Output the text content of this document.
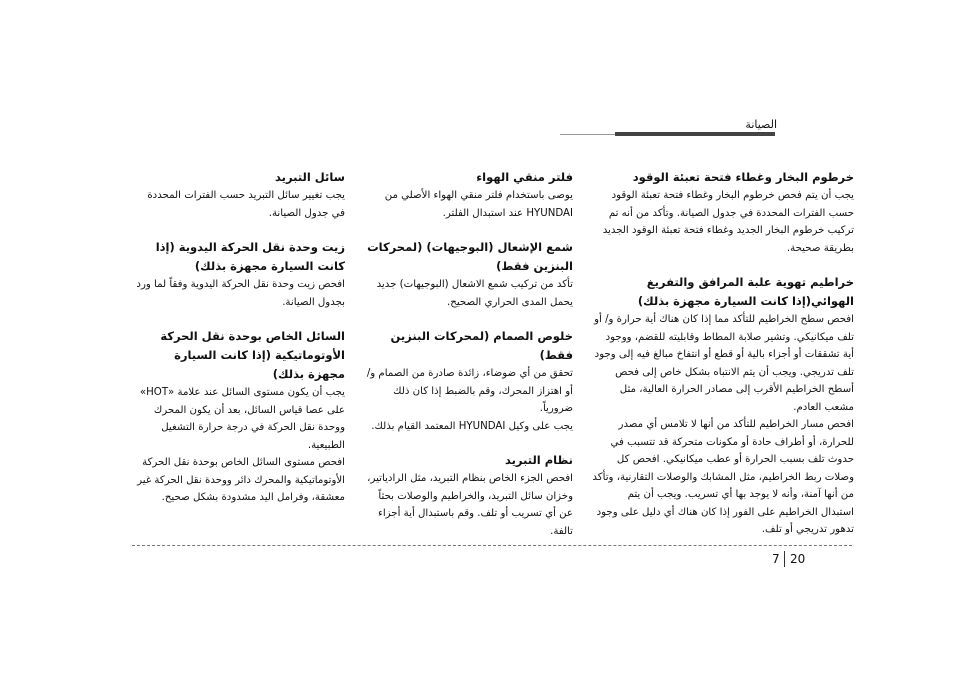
الصيانة
خرطوم البخار وغطاء فتحة تعبئة الوقود

يجب أن يتم فحص خرطوم البخار وغطاء فتحة تعبئة الوقود حسب الفترات المحددة في جدول الصيانة. وتأكد من أنه تم تركيب خرطوم البخار الجديد وغطاء فتحة تعبئة الوقود الجديد بطريقة صحيحة.

خراطيم تهوية علبة المرافق والتفريغ الهوائي(إذا كانت السيارة مجهزة بذلك)

افحص سطح الخراطيم للتأكد مما إذا كان هناك أية حرارة و/ أو تلف ميكانيكي. وتشير صلابة المطاط وقابليته للقضم، ووجود أية تشققات أو أجزاء بالية أو قطع أو انتفاخ مبالغ فيه إلى وجود تلف تدريجي. ويجب أن يتم الانتباه بشكل خاص إلى فحص أسطح الخراطيم الأقرب إلى مصادر الحرارة العالية، مثل مشعب العادم.

افحص مسار الخراطيم للتأكد من أنها لا تلامس أي مصدر للحرارة، أو أطراف حادة أو مكونات متحركة قد تتسبب في حدوث تلف بسبب الحرارة أو عطب ميكانيكي. افحص كل وصلات ربط الخراطيم، مثل المشابك والوصلات التقارنية، وتأكد من أنها آمنة، وأنه لا يوجد بها أي تسريب. ويجب أن يتم استبدال الخراطيم على الفور إذا كان هناك أي دليل على وجود تدهور تدريجي أو تلف.

فلتر منقي الهواء

يوصى باستخدام فلتر منقي الهواء الأصلي من HYUNDAI عند استبدال الفلتر.

شمع الإشعال (البوجيهات) (لمحركات البنزين فقط)

تأكد من تركيب شمع الاشعال (البوجيهات) جديد يحمل المدى الحراري الصحيح.

خلوص الصمام (لمحركات البنزين فقط)

تحقق من أي ضوضاء، زائدة صادرة من الصمام و/أو اهتزاز المحرك، وقم بالضبط إذا كان ذلك ضرورياً.

يجب على وكيل HYUNDAI المعتمد القيام بذلك.

نظام التبريد

افحص الجزء الخاص بنظام التبريد، مثل الرادياتير، وخزان سائل التبريد، والخراطيم والوصلات بحثاً عن أي تسريب أو تلف. وقم باستبدال أية أجزاء تالفة.

سائل التبريد

يجب تغيير سائل التبريد حسب الفترات المحددة في جدول الصيانة.

زيت وحدة نقل الحركة اليدوية (إذا كانت السيارة مجهزة بذلك)

افحص زيت وحدة نقل الحركة اليدوية وفقاً لما ورد بجدول الصيانة.

السائل الخاص بوحدة نقل الحركة الأوتوماتيكية (إذا كانت السيارة مجهزة بذلك)

يجب أن يكون مستوى السائل عند علامة «HOT» على عصا قياس السائل، بعد أن يكون المحرك ووحدة نقل الحركة في درجة حرارة التشغيل الطبيعية.

افحص مستوى السائل الخاص بوحدة نقل الحركة الأوتوماتيكية والمحرك دائر ووحدة نقل الحركة غير معشقة، وفرامل اليد مشدودة بشكل صحيح.

7 20
